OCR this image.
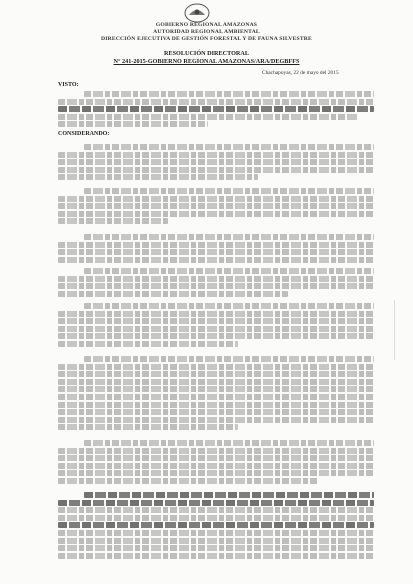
GOBIERNO REGIONAL AMAZONAS
AUTORIDAD REGIONAL AMBIENTAL
DIRECCIÓN EJECUTIVA DE GESTIÓN FORESTAL Y DE FAUNA SILVESTRE
RESOLUCIÓN DIRECTORAL
N° 241-2015-GOBIERNO REGIONAL AMAZONAS/ARA/DEGBFFS
Chachapoyas, 22 de mayo del 2015
VISTO:
CONSIDERANDO:
